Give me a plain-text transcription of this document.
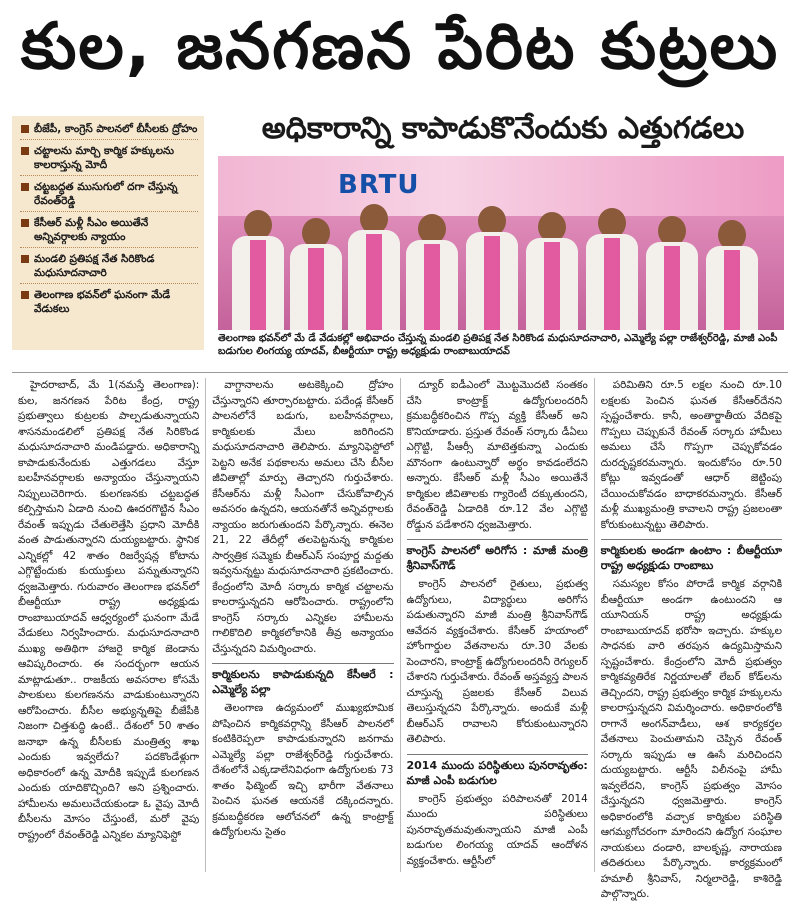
కుల, జనగణన పేరిట కుట్రలు
బీజేపీ, కాంగ్రెస్ పాలనలో బీసీలకు ద్రోహం
చట్టాలను మార్చి కార్మిక హక్కులను కాలరాస్తున్న మోదీ
చట్టబద్ధత ముసుగులో దగా చేస్తున్న రేవంత్‌రెడ్డి
కేసీఆర్ మళ్లీ సీఎం అయితేనే అన్నివర్గాలకు న్యాయం
మండలి ప్రతిపక్ష నేత సిరికొండ మధుసూదనాచారి
తెలంగాణ భవన్‌లో ఘనంగా మేడే వేడుకలు
అధికారాన్ని కాపాడుకొనేందుకు ఎత్తుగడలు
BRTU
తెలంగాణ భవన్‌లో మే డే వేడుకల్లో అభివాదం చేస్తున్న మండలి ప్రతిపక్ష నేత సిరికొండ మధుసూదనాచారి, ఎమ్మెల్యే పల్లా రాజేశ్వర్‌రెడ్డి, మాజీ ఎంపీ బడుగుల లింగయ్య యాదవ్, బీఆర్టీయూ రాష్ట్ర అధ్యక్షుడు రాంబాబుయాదవ్

హైదరాబాద్, మే 1(నమస్తే తెలంగాణ): కుల, జనగణన పేరిట కేంద్ర, రాష్ట్ర ప్రభుత్వాలు కుట్రలకు పాల్పడుతున్నాయని శాసనమండలిలో ప్రతిపక్ష నేత సిరికొండ మధుసూదనాచారి మండిపడ్డారు. అధికారాన్ని కాపాడుకునేందుకు ఎత్తుగడలు వేస్తూ బలహీనవర్గాలకు అన్యాయం చేస్తున్నాయని నిప్పులుచెరిగారు. కులగణనకు చట్టబద్ధత కల్పిస్తామని ఏడాది నుంచి ఊదరగొట్టిన సీఎం రేవంత్ ఇప్పుడు చేతులెత్తేసి ప్రధాని మోదీకి వంత పాడుతున్నారని దుయ్యబట్టారు. స్థానిక ఎన్నికల్లో 42 శాతం రిజర్వేషన్ల కోటాను ఎగ్గొట్టేందుకు కుయుక్తులు పన్నుతున్నారని ధ్వజమెత్తారు. గురువారం తెలంగాణ భవన్‌లో బీఆర్టీయూ రాష్ట్ర అధ్యక్షుడు రాంబాబుయాదవ్ ఆధ్వర్యంలో ఘనంగా మేడే వేడుకలు నిర్వహించారు. మధుసూదనాచారి ముఖ్య అతిథిగా హాజరై కార్మిక జెండాను ఆవిష్కరించారు. ఈ సందర్భంగా ఆయన మాట్లాడుతూ.. రాజకీయ అవసరాల కోసమే పాలకులు కులగణనను వాడుకుంటున్నారని ఆరోపించారు. బీసీల అభ్యున్నతిపై బీజేపీకి నిజంగా చిత్తశుద్ధి ఉంటే.. దేశంలో 50 శాతం జనాభా ఉన్న బీసీలకు మంత్రిత్వ శాఖ ఎందుకు ఇవ్వలేదు? పదకొండేళ్లుగా అధికారంలో ఉన్న మోదీకి ఇప్పుడే కులగణన ఎందుకు యాదికొచ్చింది? అని ప్రశ్నించారు. హామీలను అమలుచేయకుండా ఓ వైపు మోదీ బీసీలను మోసం చేస్తుంటే, మరో వైపు రాష్ట్రంలో రేవంత్‌రెడ్డి ఎన్నికల మ్యానిఫెస్టో

వాగ్దానాలను అటకెక్కించి ద్రోహం చేస్తున్నారని తూర్పారబట్టారు. పదేండ్ల కేసీఆర్ పాలనలోనే బడుగు, బలహీనవర్గాలు, కార్మికులకు మేలు జరిగిందని మధుసూదనాచారి తెలిపారు. మ్యానిఫెస్టోలో పెట్టని అనేక పథకాలను అమలు చేసి బీసీల జీవితాల్లో మార్పు తెచ్చారని గుర్తుచేశారు. కేసీఆర్‌ను మళ్లీ సీఎంగా చేసుకోవాల్సిన అవసరం ఉన్నదని, ఆయనతోనే అన్నివర్గాలకు న్యాయం జరుగుతుందని పేర్కొన్నారు. ఈనెల 21, 22 తేదీల్లో తలపెట్టనున్న కార్మికుల సార్వత్రిక సమ్మెకు బీఆర్ఎస్ సంపూర్ణ మద్దతు ఇవ్వనున్నట్టు మధుసూదనాచారి ప్రకటించారు. కేంద్రంలోని మోదీ సర్కారు కార్మిక చట్టాలను కాలరాస్తున్నదని ఆరోపించారు. రాష్ట్రంలోని కాంగ్రెస్ సర్కారు ఎన్నికల హామీలను గాలికొదిలి కార్మికలోకానికి తీవ్ర అన్యాయం చేస్తున్నదని విమర్శించారు.

కార్మికులను కాపాడుకున్నది కేసీఆరే : ఎమ్మెల్యే పల్లా

తెలంగాణ ఉద్యమంలో ముఖ్యభూమిక పోషించిన కార్మికవర్గాన్ని కేసీఆర్ పాలనలో కంటికిరెప్పలా కాపాడుకున్నారని జనగామ ఎమ్మెల్యే పల్లా రాజేశ్వర్‌రెడ్డి గుర్తుచేశారు. దేశంలోనే ఎక్కడాలేనివిధంగా ఉద్యోగులకు 73 శాతం ఫిట్మెంట్ ఇచ్చి భారీగా వేతనాలు పెంచిన ఘనత ఆయనకే దక్కిందన్నారు. క్రమబద్ధీకరణ ఆలోచనలో ఉన్న కాంట్రాక్ట్ ఉద్యోగులను సైతం

ద్యూర్ ఐడీఎంలో మెుట్టమెుదటి సంతకం చేసి కాంట్రాక్ట్ ఉద్యోగులందరినీ క్రమబద్ధీకరించిన గొప్ప వ్యక్తి కేసీఆర్ అని కొనియాడారు. ప్రస్తుత రేవంత్ సర్కారు డీఏలు ఎగ్గొట్టి, పీఆర్సీ మాటెత్తకున్నా ఎందుకు మౌనంగా ఉంటున్నారో అర్థం కావడంలేదని అన్నారు. కేసీఆర్ మళ్లీ సీఎం అయితేనే కార్మికుల జీవితాలకు గ్యారెంటీ దక్కుతుందని, రేవంత్‌రెడ్డి ఏడాదికి రూ.12 వేల ఎగ్గొట్టి రోడ్డున పడేశారని ధ్వజమెత్తారు.

కాంగ్రెస్ పాలనలో అరిగోస : మాజీ మంత్రి శ్రీనివాస్‌గౌడ్

కాంగ్రెస్ పాలనలో రైతులు, ప్రభుత్వ ఉద్యోగులు, విద్యార్థులు అరిగోస పడుతున్నారని మాజీ మంత్రి శ్రీనివాస్‌గౌడ్ ఆవేదన వ్యక్తంచేశారు. కేసీఆర్ హయాంలో హోంగార్డుల వేతనాలను రూ.30 వేలకు పెంచారని, కాంట్రాక్ట్ ఉద్యోగులందరినీ రెగ్యులర్ చేశారని గుర్తుచేశారు. రేవంత్ అస్తవ్యస్త పాలన చూస్తున్న ప్రజలకు కేసీఆర్ విలువ తెలుస్తున్నదని పేర్కొన్నారు. అందుకే మళ్లీ బీఆర్ఎస్ రావాలని కోరుకుంటున్నారని తెలిపారు.

2014 ముందు పరిస్థితులు పునరావృతం: మాజీ ఎంపీ బడుగుల

కాంగ్రెస్ ప్రభుత్వం పరిపాలనతో 2014 ముందు పరిస్థితులు పునరావృతమవుతున్నాయని మాజీ ఎంపీ బడుగుల లింగయ్య యాదవ్ ఆందోళన వ్యక్తంచేశారు. ఆర్టీసీలో

పరిమితిని రూ.5 లక్షల నుంచి రూ.10 లక్షలకు పెంచిన ఘనత కేసీఆర్‌దేనని స్పష్టంచేశారు. కానీ, అంతార్జాతీయ వేదికపై గొప్పలు చెప్పుకునే రేవంత్ సర్కారు హామీలు అమలు చేసే గొప్పగా చెప్పుకోవడం దురదృష్టకరమన్నారు. ఇందుకోసం రూ.50 కోట్లు ఇవ్వడంతో ఆధార్ జెట్టింపు చేయించుకోవడం బాధాకరమన్నారు. కేసీఆర్ మళ్లీ ముఖ్యమంత్రి కావాలని రాష్ట్ర ప్రజలంతా కోరుకుంటున్నట్టు తెలిపారు.

కార్మికులకు అండగా ఉంటాం : బీఆర్టీయూ రాష్ట్ర అధ్యక్షుడు రాంబాబు

సమస్యల కోసం పోరాడే కార్మిక వర్గానికి బీఆర్టీయూ అండగా ఉంటుందని ఆ యూనియన్ రాష్ట్ర అధ్యక్షుడు రాంబాబుయాదవ్ భరోసా ఇచ్చారు. హక్కుల సాధనకు వారి తరపున ఉద్యమిస్తామని స్పష్టంచేశారు. కేంద్రంలోని మోదీ ప్రభుత్వం కార్మికవ్యతిరేక నిర్ణయాలతో లేబర్ కోడ్‌లను తెచ్చిందని, రాష్ట్ర ప్రభుత్వం కార్మిక హక్కులను కాలరాస్తున్నదని విమర్శించారు. అధికారంలోకి రాగానే అంగన్‌వాడీలు, ఆశ కార్యకర్తల వేతనాలు పెంచుతామని చెప్పిన రేవంత్ సర్కారు ఇప్పుడు ఆ ఊసే మరిచిందని దుయ్యబట్టారు. ఆర్టీసీ విలీనంపై హామీ ఇవ్వలేదని, కాంగ్రెస్ ప్రభుత్వం మోసం చేస్తున్నదని ధ్వజమెత్తారు. కాంగ్రెస్ అధికారంలోకి వచ్చాక కార్మికుల పరిస్థితి ఆగమ్యగోచరంగా మారిందని ఉద్యోగ సంఘాల నాయకులు దండారి, బాలకృష్ణ, నారాయణ తదితరులు పేర్కొన్నారు. కార్యక్రమంలో హమాలీ శ్రీనివాస్, నిర్మలారెడ్డి, కాశిరెడ్డి పాల్గొన్నారు.
